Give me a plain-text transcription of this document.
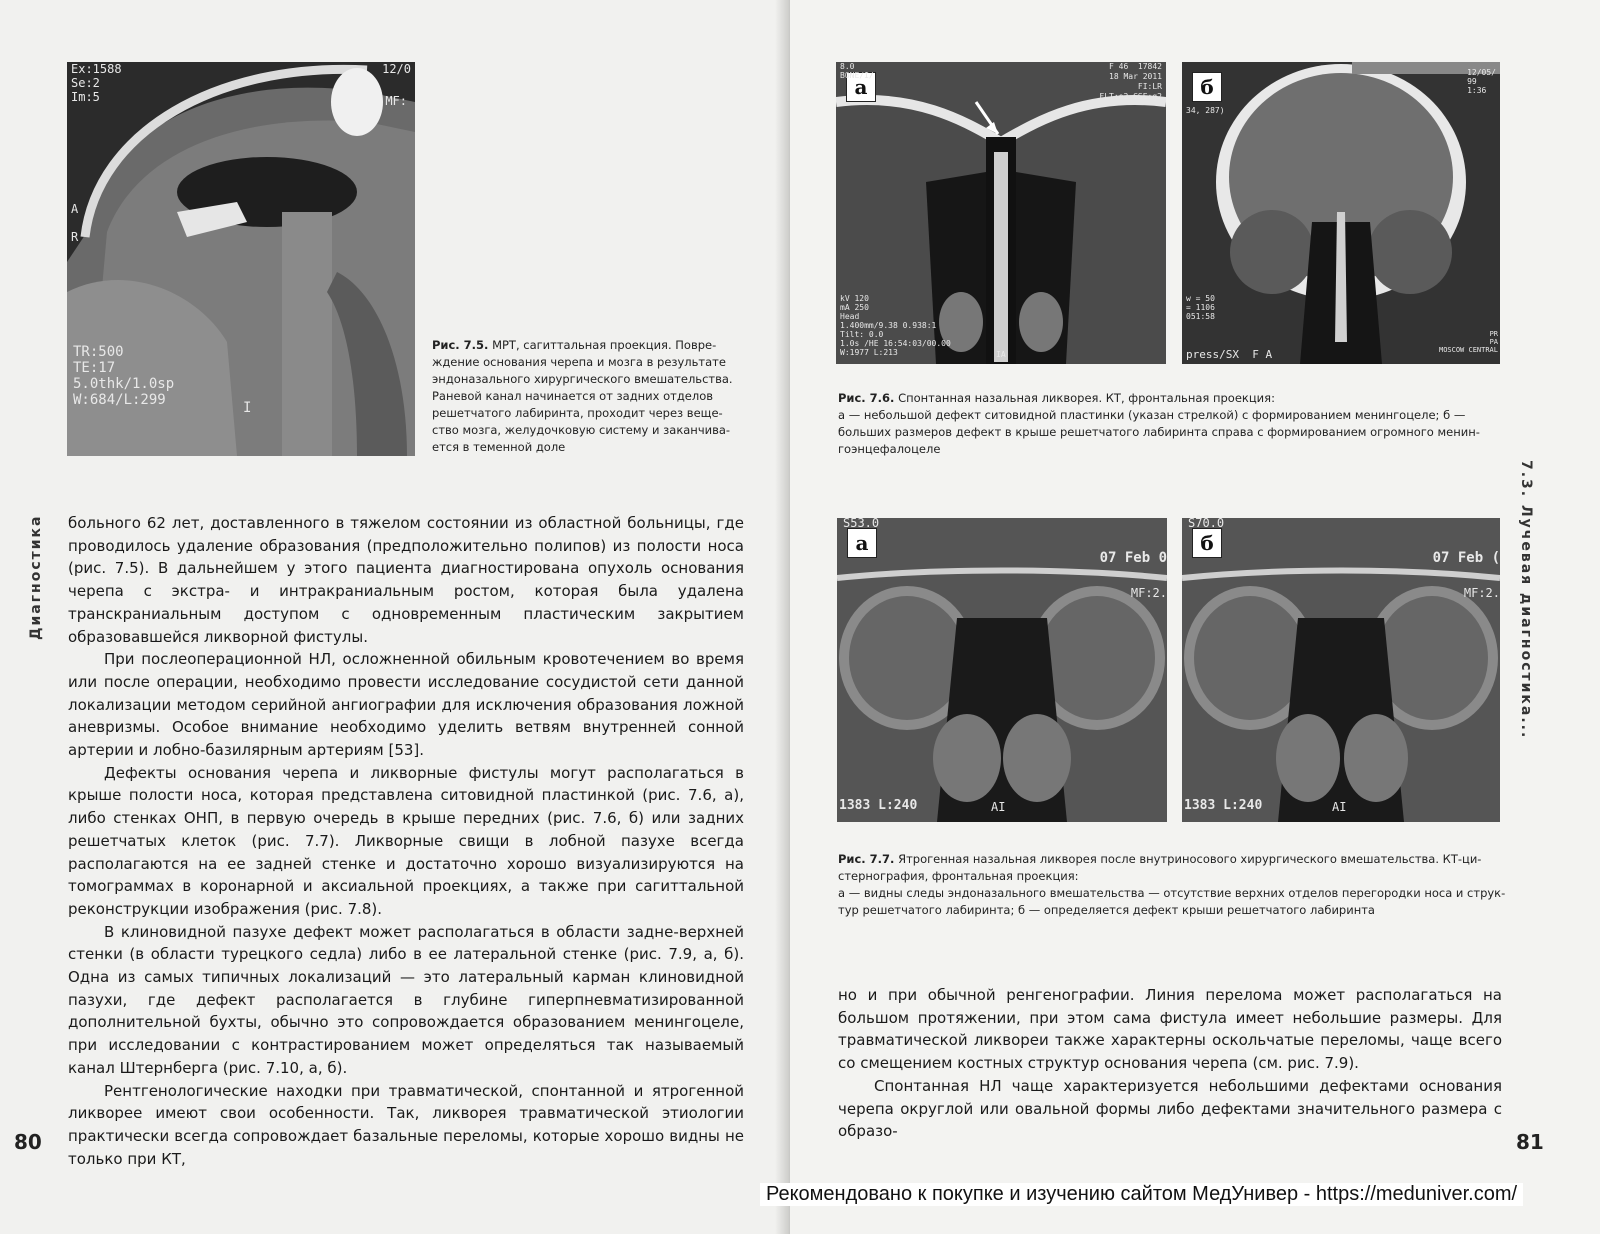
Ex:1588
Se:2
Im:5
12/0
MF:
A

R
TR:500
TE:17
5.0thk/1.0sp
W:684/L:299	I
Рис. 7.5. МРТ, сагиттальная проекция. Повре-
ждение основания черепа и мозга в результате
эндоназального хирургического вмешательства.
Раневой канал начинается от задних отделов
решетчатого лабиринта, проходит через веще-
ство мозга, желудочковую систему и заканчива-
ется в теменной доле
Диагностика больного 62 лет, доставленного в тяжелом состоянии из областной больницы, где проводилось удаление образования (предположительно полипов) из полости носа (рис. 7.5). В дальнейшем у этого пациента диагностирована опухоль основания черепа с экстра- и интракраниальным ростом, которая была удалена транскраниальным доступом с одновременным пластическим закрытием образовавшейся ликворной фистулы.

При послеоперационной НЛ, осложненной обильным кровотечением во время или после операции, необходимо провести исследование сосудистой сети данной локализации методом серийной ангиографии для исключения образования ложной аневризмы. Особое внимание необходимо уделить ветвям внутренней сонной артерии и лобно-базилярным артериям [53].

Дефекты основания черепа и ликворные фистулы могут располагаться в крыше полости носа, которая представлена ситовидной пластинкой (рис. 7.6, а), либо стенках ОНП, в первую очередь в крыше передних (рис. 7.6, б) или задних решетчатых клеток (рис. 7.7). Ликворные свищи в лобной пазухе всегда располагаются на ее задней стенке и достаточно хорошо визуализируются на томограммах в коронарной и аксиальной проекциях, а также при сагиттальной реконструкции изображения (рис. 7.8).

В клиновидной пазухе дефект может располагаться в области задне-верхней стенки (в области турецкого седла) либо в ее латеральной стенке (рис. 7.9, а, б). Одна из самых типичных локализаций — это латеральный карман клиновидной пазухи, где дефект располагается в глубине гиперпневматизированной дополнительной бухты, обычно это сопровождается образованием менингоцеле, при исследовании с контрастированием может определяться так называемый канал Штернберга (рис. 7.10, а, б).

Рентгенологические находки при травматической, спонтанной и ятрогенной ликворее имеют свои особенности. Так, ликворея травматической этиологии практически всегда сопровождает базальные переломы, которые хорошо видны не только при КТ,

80
а
8.0
BONE/I/
F 46  17842
18 Mar 2011
FI:LR
FLT:e2 GSE:g2
kV 120
mA 250
Head
1.400mm/9.38 0.938:1
Tilt: 0.0
1.0s /HE 16:54:03/00.00
W:1977 L:213	IA
б
12/05/
99
1:36
34, 287)
w = 50
= 1106
051:58
press/SX  F A
PR
PA
MOSCOW CENTRAL
Рис. 7.6. Спонтанная назальная ликворея. КТ, фронтальная проекция:
а — небольшой дефект ситовидной пластинки (указан стрелкой) с формированием менингоцеле; б —
больших размеров дефект в крыше решетчатого лабиринта справа с формированием огромного менин-
гоэнцефалоцеле
а
S53.0
07 Feb 0
MF:2.
1383 L:240	AI
б
S70.0
07 Feb (
MF:2.
1383 L:240	AI
Рис. 7.7. Ятрогенная назальная ликворея после внутриносового хирургического вмешательства. КТ-ци-
стернография, фронтальная проекция:
а — видны следы эндоназального вмешательства — отсутствие верхних отделов перегородки носа и струк-
тур решетчатого лабиринта; б — определяется дефект крыши решетчатого лабиринта

но и при обычной ренгенографии. Линия перелома может располагаться на большом протяжении, при этом сама фистула имеет небольшие размеры. Для травматической ликвореи также характерны оскольчатые переломы, чаще всего со смещением костных структур основания черепа (см. рис. 7.9).

Спонтанная НЛ чаще характеризуется небольшими дефектами основания черепа округлой или овальной формы либо дефектами значительного размера с образо-	81
7.3. Лучевая диагностика...
Рекомендовано к покупке и изучению сайтом МедУнивер - https://meduniver.com/
